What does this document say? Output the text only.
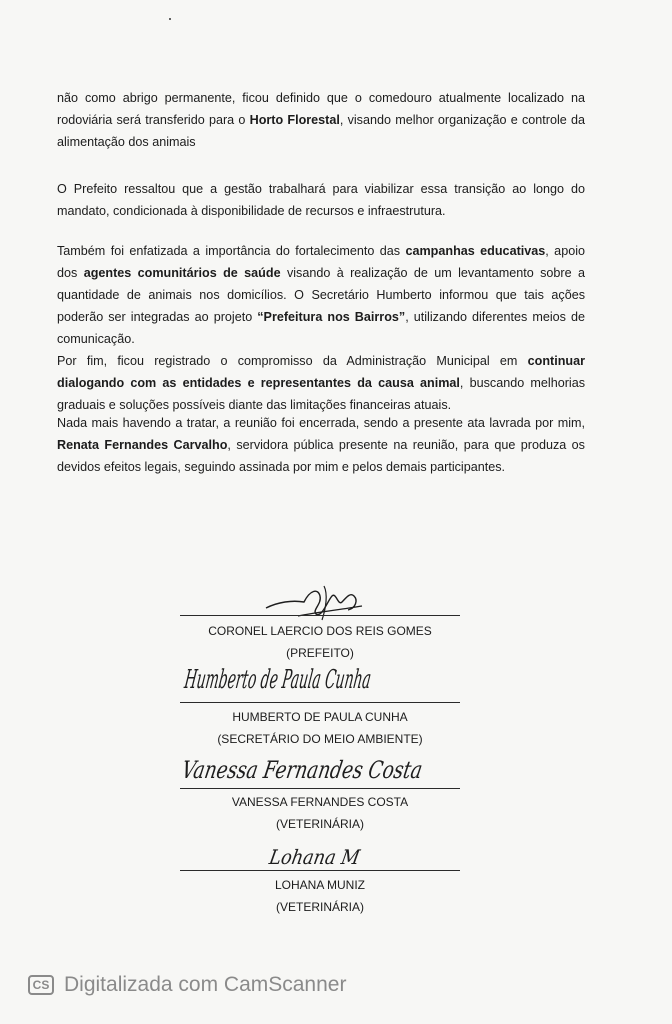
não como abrigo permanente, ficou definido que o comedouro atualmente localizado na rodoviária será transferido para o Horto Florestal, visando melhor organização e controle da alimentação dos animais

O Prefeito ressaltou que a gestão trabalhará para viabilizar essa transição ao longo do mandato, condicionada à disponibilidade de recursos e infraestrutura.

Também foi enfatizada a importância do fortalecimento das campanhas educativas, apoio dos agentes comunitários de saúde visando à realização de um levantamento sobre a quantidade de animais nos domicílios. O Secretário Humberto informou que tais ações poderão ser integradas ao projeto “Prefeitura nos Bairros”, utilizando diferentes meios de comunicação.

Por fim, ficou registrado o compromisso da Administração Municipal em continuar dialogando com as entidades e representantes da causa animal, buscando melhorias graduais e soluções possíveis diante das limitações financeiras atuais.

Nada mais havendo a tratar, a reunião foi encerrada, sendo a presente ata lavrada por mim, Renata Fernandes Carvalho, servidora pública presente na reunião, para que produza os devidos efeitos legais, seguindo assinada por mim e pelos demais participantes.

CORONEL LAERCIO DOS REIS GOMES
(PREFEITO)
Humberto de Paula Cunha
HUMBERTO DE PAULA CUNHA
(SECRETÁRIO DO MEIO AMBIENTE)
Vanessa Fernandes Costa
VANESSA FERNANDES COSTA
(VETERINÁRIA)
Lohana M
LOHANA MUNIZ
(VETERINÁRIA)
CS Digitalizada com CamScanner
